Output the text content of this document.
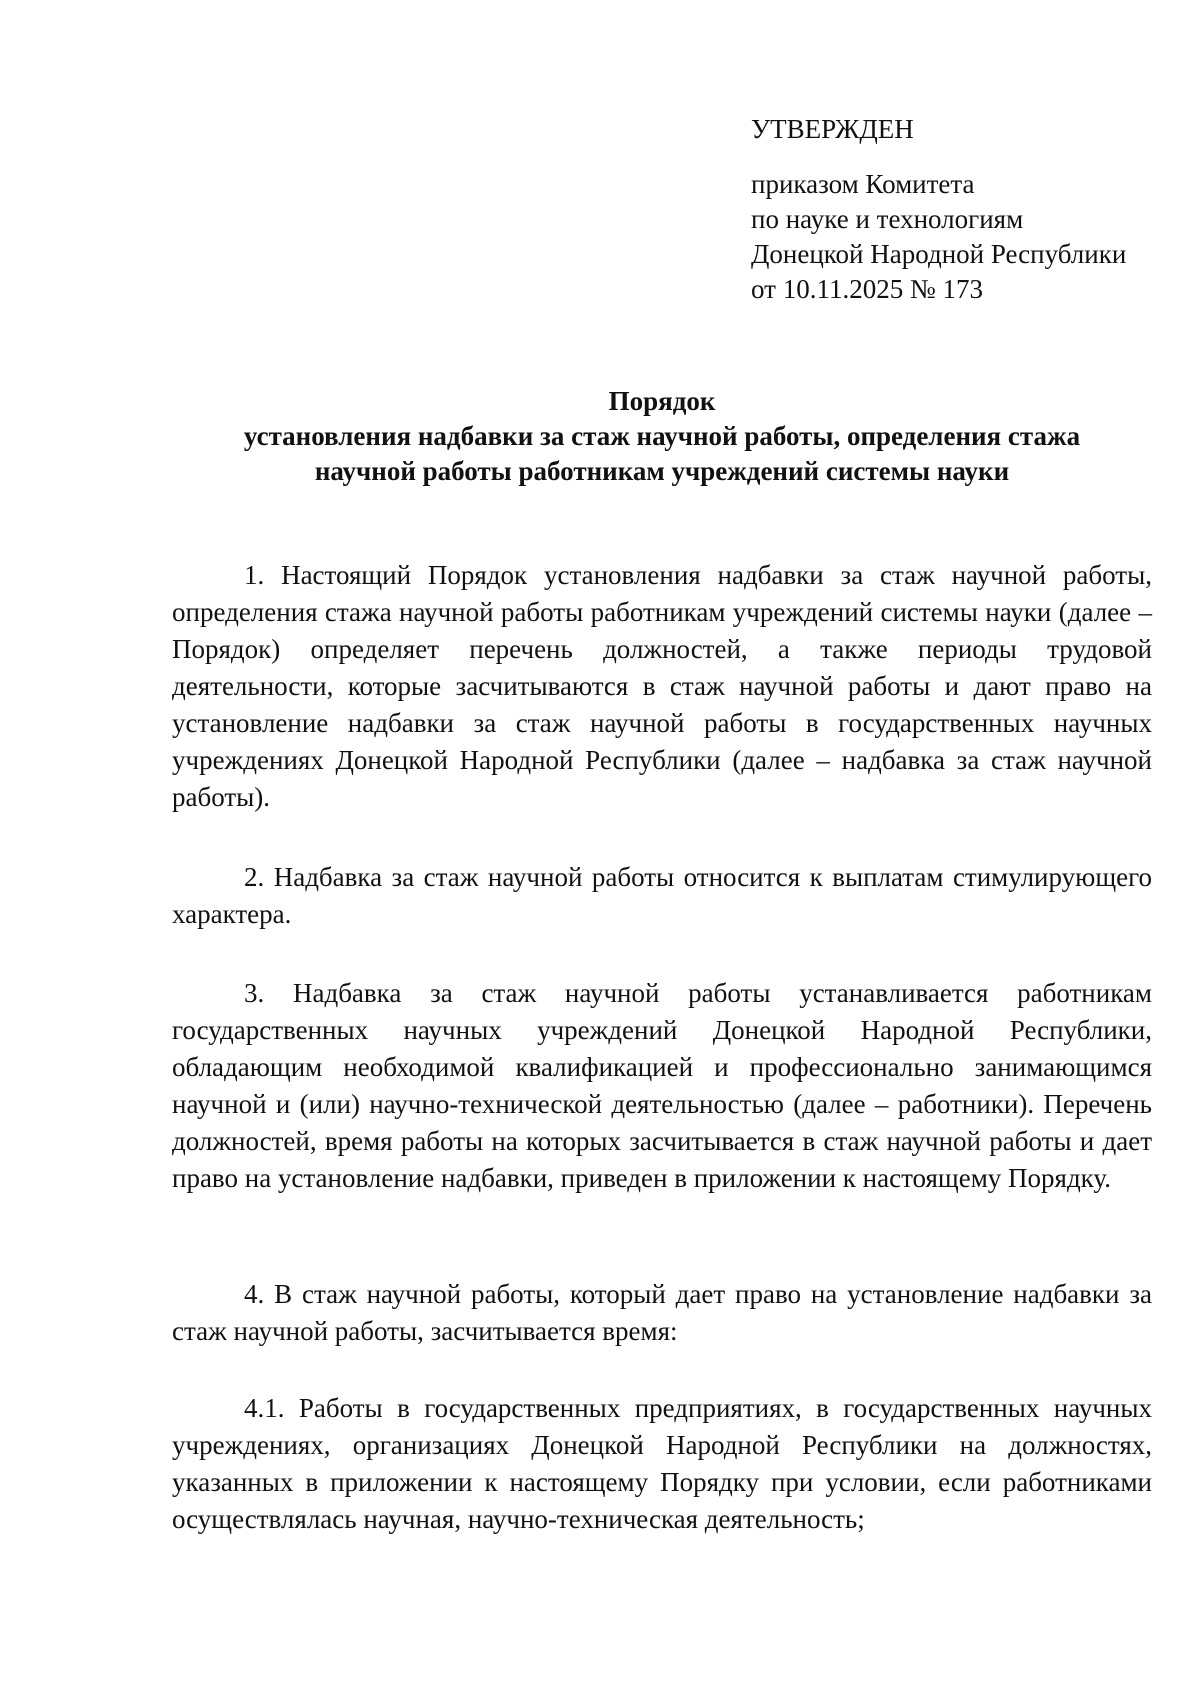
УТВЕРЖДЕН
приказом Комитета
по науке и технологиям
Донецкой Народной Республики
от 10.11.2025 № 173
Порядок
установления надбавки за стаж научной работы, определения стажа
научной работы работникам учреждений системы науки

1. Настоящий Порядок установления надбавки за стаж научной работы, определения стажа научной работы работникам учреждений системы науки (далее – Порядок) определяет перечень должностей, а также периоды трудовой деятельности, которые засчитываются в стаж научной работы и дают право на установление надбавки за стаж научной работы в государственных научных учреждениях Донецкой Народной Республики (далее – надбавка за стаж научной работы).

2. Надбавка за стаж научной работы относится к выплатам стимулирующего характера.

3. Надбавка за стаж научной работы устанавливается работникам государственных научных учреждений Донецкой Народной Республики, обладающим необходимой квалификацией и профессионально занимающимся научной и (или) научно-технической деятельностью (далее – работники). Перечень должностей, время работы на которых засчитывается в стаж научной работы и дает право на установление надбавки, приведен в приложении к настоящему Порядку.

4. В стаж научной работы, который дает право на установление надбавки за стаж научной работы, засчитывается время:

4.1. Работы в государственных предприятиях, в государственных научных учреждениях, организациях Донецкой Народной Республики на должностях, указанных в приложении к настоящему Порядку при условии, если работниками осуществлялась научная, научно-техническая деятельность;
